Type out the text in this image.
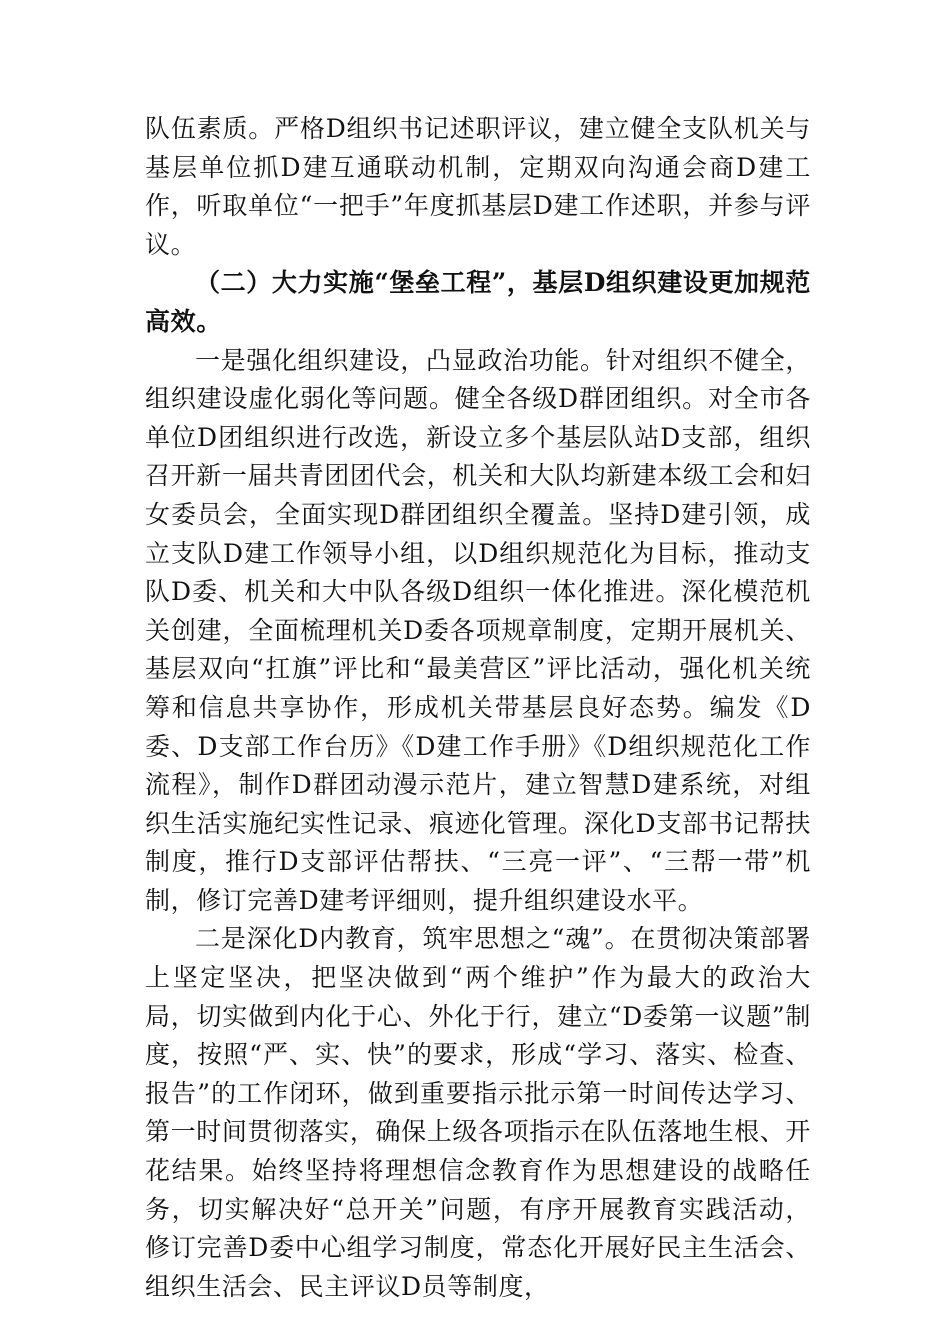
队伍素质。严格D组织书记述职评议，建立健全支队机关与基层单位抓D建互通联动机制，定期双向沟通会商D建工作，听取单位“一把手”年度抓基层D建工作述职，并参与评议。

（二）大力实施“堡垒工程”，基层D组织建设更加规范高效。

一是强化组织建设，凸显政治功能。针对组织不健全，组织建设虚化弱化等问题。健全各级D群团组织。对全市各单位D团组织进行改选，新设立多个基层队站D支部，组织召开新一届共青团团代会，机关和大队均新建本级工会和妇女委员会，全面实现D群团组织全覆盖。坚持D建引领，成立支队D建工作领导小组，以D组织规范化为目标，推动支队D委、机关和大中队各级D组织一体化推进。深化模范机关创建，全面梳理机关D委各项规章制度，定期开展机关、基层双向“扛旗”评比和“最美营区”评比活动，强化机关统筹和信息共享协作，形成机关带基层良好态势。编发《D委、D支部工作台历》《D建工作手册》《D组织规范化工作流程》，制作D群团动漫示范片，建立智慧D建系统，对组织生活实施纪实性记录、痕迹化管理。深化D支部书记帮扶制度，推行D支部评估帮扶、“三亮一评”、“三帮一带”机制，修订完善D建考评细则，提升组织建设水平。

二是深化D内教育，筑牢思想之“魂”。在贯彻决策部署上坚定坚决，把坚决做到“两个维护”作为最大的政治大局，切实做到内化于心、外化于行，建立“D委第一议题”制度，按照“严、实、快”的要求，形成“学习、落实、检查、报告”的工作闭环，做到重要指示批示第一时间传达学习、第一时间贯彻落实，确保上级各项指示在队伍落地生根、开花结果。始终坚持将理想信念教育作为思想建设的战略任务，切实解决好“总开关”问题，有序开展教育实践活动，修订完善D委中心组学习制度，常态化开展好民主生活会、组织生活会、民主评议D员等制度，
